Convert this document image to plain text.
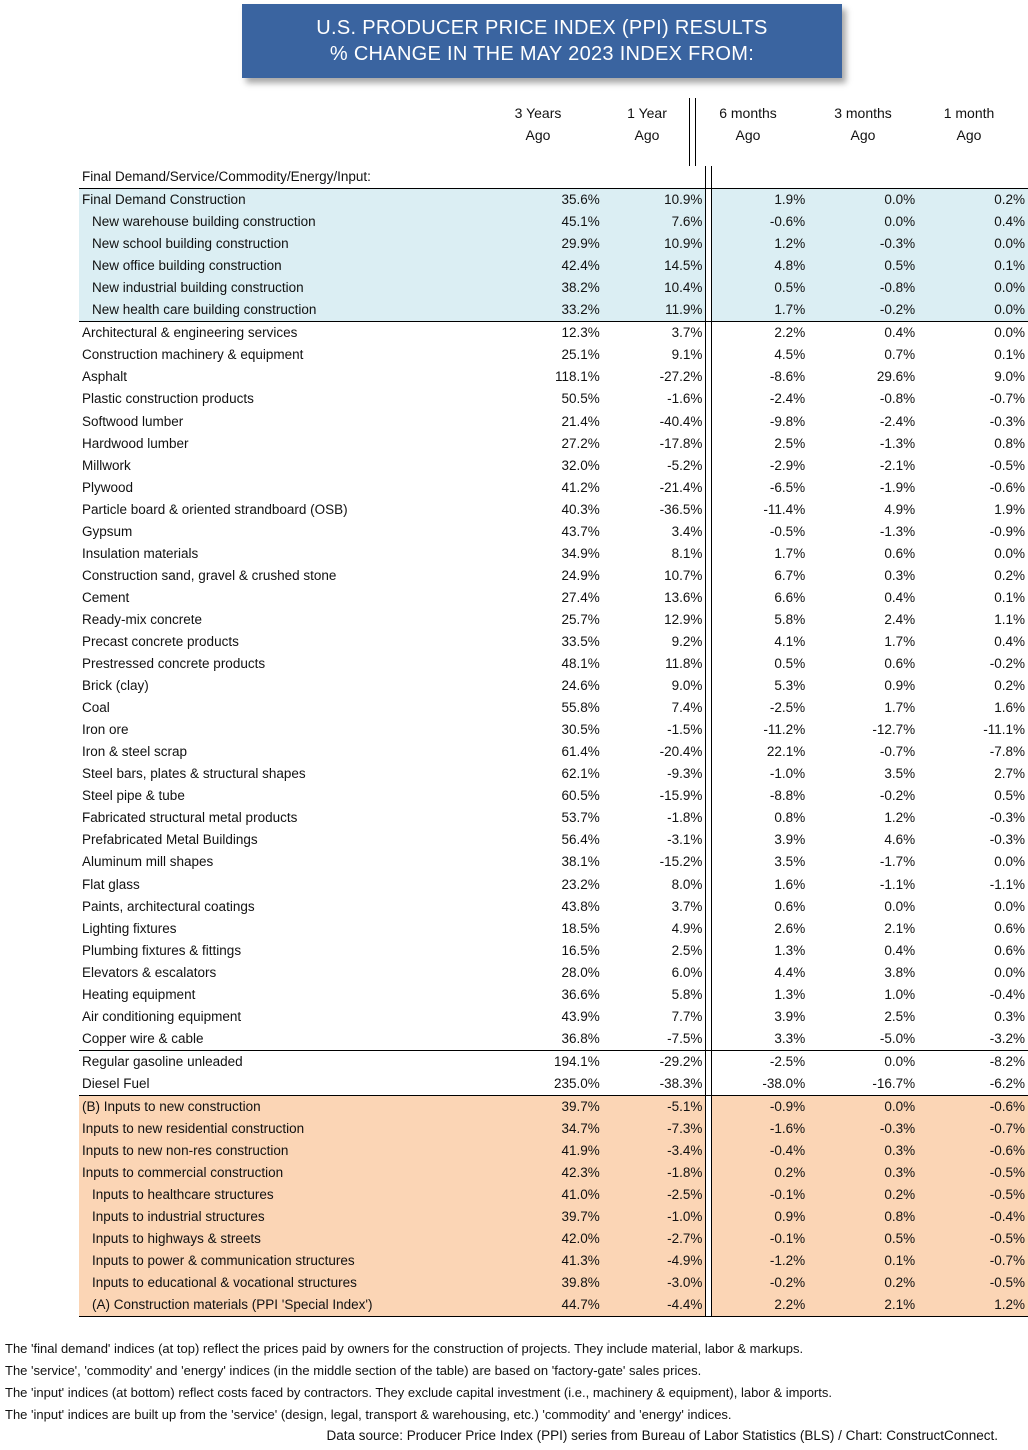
U.S. PRODUCER PRICE INDEX (PPI) RESULTS
% CHANGE IN THE MAY 2023 INDEX FROM:
3 Years
Ago
1 Year
Ago
6 months
Ago
3 months
Ago
1 month
Ago
Final Demand/Service/Commodity/Energy/Input:						
Final Demand Construction	35.6%	10.9%		1.9%	0.0%	0.2%
New warehouse building construction	45.1%	7.6%		-0.6%	0.0%	0.4%
New school building construction	29.9%	10.9%		1.2%	-0.3%	0.0%
New office building construction	42.4%	14.5%		4.8%	0.5%	0.1%
New industrial building construction	38.2%	10.4%		0.5%	-0.8%	0.0%
New health care building construction	33.2%	11.9%		1.7%	-0.2%	0.0%
Architectural & engineering services	12.3%	3.7%		2.2%	0.4%	0.0%
Construction machinery & equipment	25.1%	9.1%		4.5%	0.7%	0.1%
Asphalt	118.1%	-27.2%		-8.6%	29.6%	9.0%
Plastic construction products	50.5%	-1.6%		-2.4%	-0.8%	-0.7%
Softwood lumber	21.4%	-40.4%		-9.8%	-2.4%	-0.3%
Hardwood lumber	27.2%	-17.8%		2.5%	-1.3%	0.8%
Millwork	32.0%	-5.2%		-2.9%	-2.1%	-0.5%
Plywood	41.2%	-21.4%		-6.5%	-1.9%	-0.6%
Particle board & oriented strandboard (OSB)	40.3%	-36.5%		-11.4%	4.9%	1.9%
Gypsum	43.7%	3.4%		-0.5%	-1.3%	-0.9%
Insulation materials	34.9%	8.1%		1.7%	0.6%	0.0%
Construction sand, gravel & crushed stone	24.9%	10.7%		6.7%	0.3%	0.2%
Cement	27.4%	13.6%		6.6%	0.4%	0.1%
Ready-mix concrete	25.7%	12.9%		5.8%	2.4%	1.1%
Precast concrete products	33.5%	9.2%		4.1%	1.7%	0.4%
Prestressed concrete products	48.1%	11.8%		0.5%	0.6%	-0.2%
Brick (clay)	24.6%	9.0%		5.3%	0.9%	0.2%
Coal	55.8%	7.4%		-2.5%	1.7%	1.6%
Iron ore	30.5%	-1.5%		-11.2%	-12.7%	-11.1%
Iron & steel scrap	61.4%	-20.4%		22.1%	-0.7%	-7.8%
Steel bars, plates & structural shapes	62.1%	-9.3%		-1.0%	3.5%	2.7%
Steel pipe & tube	60.5%	-15.9%		-8.8%	-0.2%	0.5%
Fabricated structural metal products	53.7%	-1.8%		0.8%	1.2%	-0.3%
Prefabricated Metal Buildings	56.4%	-3.1%		3.9%	4.6%	-0.3%
Aluminum mill shapes	38.1%	-15.2%		3.5%	-1.7%	0.0%
Flat glass	23.2%	8.0%		1.6%	-1.1%	-1.1%
Paints, architectural coatings	43.8%	3.7%		0.6%	0.0%	0.0%
Lighting fixtures	18.5%	4.9%		2.6%	2.1%	0.6%
Plumbing fixtures & fittings	16.5%	2.5%		1.3%	0.4%	0.6%
Elevators & escalators	28.0%	6.0%		4.4%	3.8%	0.0%
Heating equipment	36.6%	5.8%		1.3%	1.0%	-0.4%
Air conditioning equipment	43.9%	7.7%		3.9%	2.5%	0.3%
Copper wire & cable	36.8%	-7.5%		3.3%	-5.0%	-3.2%
Regular gasoline unleaded	194.1%	-29.2%		-2.5%	0.0%	-8.2%
Diesel Fuel	235.0%	-38.3%		-38.0%	-16.7%	-6.2%
(B) Inputs to new construction	39.7%	-5.1%		-0.9%	0.0%	-0.6%
Inputs to new residential construction	34.7%	-7.3%		-1.6%	-0.3%	-0.7%
Inputs to new non-res construction	41.9%	-3.4%		-0.4%	0.3%	-0.6%
Inputs to commercial construction	42.3%	-1.8%		0.2%	0.3%	-0.5%
Inputs to healthcare structures	41.0%	-2.5%		-0.1%	0.2%	-0.5%
Inputs to industrial structures	39.7%	-1.0%		0.9%	0.8%	-0.4%
Inputs to highways & streets	42.0%	-2.7%		-0.1%	0.5%	-0.5%
Inputs to power & communication structures	41.3%	-4.9%		-1.2%	0.1%	-0.7%
Inputs to educational & vocational structures	39.8%	-3.0%		-0.2%	0.2%	-0.5%
(A) Construction materials (PPI 'Special Index')	44.7%	-4.4%		2.2%	2.1%	1.2%
The 'final demand' indices (at top) reflect the prices paid by owners for the construction of projects. They include material, labor & markups.
The 'service', 'commodity' and 'energy' indices (in the middle section of the table) are based on 'factory-gate' sales prices.
The 'input' indices (at bottom) reflect costs faced by contractors. They exclude capital investment (i.e., machinery & equipment), labor & imports.
The 'input' indices are built up from the 'service' (design, legal, transport & warehousing, etc.) 'commodity' and 'energy' indices.
Data source: Producer Price Index (PPI) series from Bureau of Labor Statistics (BLS) / Chart: ConstructConnect.
